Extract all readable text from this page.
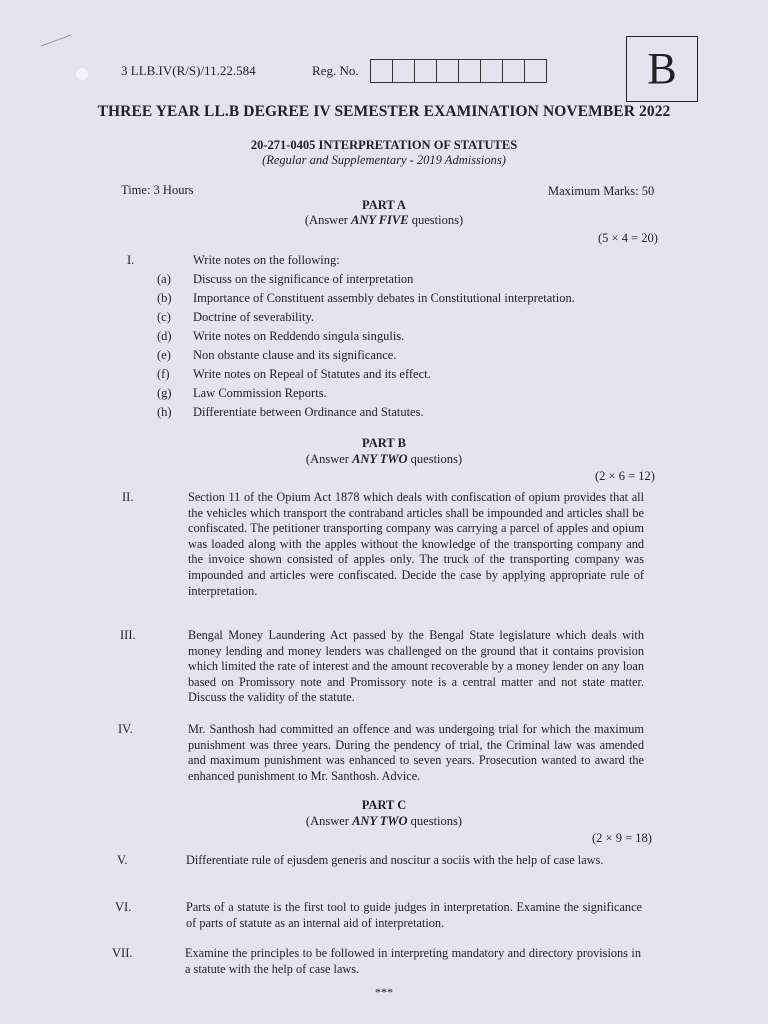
3 LLB.IV(R/S)/11.22.584	Reg. No.	B
THREE YEAR LL.B DEGREE IV SEMESTER EXAMINATION NOVEMBER 2022
20-271-0405 INTERPRETATION OF STATUTES
(Regular and Supplementary - 2019 Admissions)
Time: 3 Hours	Maximum Marks: 50
PART A
(Answer ANY FIVE questions)
(5 × 4 = 20)
I.	Write notes on the following:
(a) Discuss on the significance of interpretation
(b) Importance of Constituent assembly debates in Constitutional interpretation.
(c) Doctrine of severability.
(d) Write notes on Reddendo singula singulis.
(e) Non obstante clause and its significance.
(f) Write notes on Repeal of Statutes and its effect.
(g) Law Commission Reports.
(h) Differentiate between Ordinance and Statutes.
PART B
(Answer ANY TWO questions)
(2 × 6 = 12)
II.	Section 11 of the Opium Act 1878 which deals with confiscation of opium provides that all the vehicles which transport the contraband articles shall be impounded and articles shall be confiscated. The petitioner transporting company was carrying a parcel of apples and opium was loaded along with the apples without the knowledge of the transporting company and the invoice shown consisted of apples only. The truck of the transporting company was impounded and articles were confiscated. Decide the case by applying appropriate rule of interpretation.
III.	Bengal Money Laundering Act passed by the Bengal State legislature which deals with money lending and money lenders was challenged on the ground that it contains provision which limited the rate of interest and the amount recoverable by a money lender on any loan based on Promissory note and Promissory note is a central matter and not state matter. Discuss the validity of the statute.
IV.	Mr. Santhosh had committed an offence and was undergoing trial for which the maximum punishment was three years. During the pendency of trial, the Criminal law was amended and maximum punishment was enhanced to seven years. Prosecution wanted to award the enhanced punishment to Mr. Santhosh. Advice.
PART C
(Answer ANY TWO questions)
(2 × 9 = 18)
V.	Differentiate rule of ejusdem generis and noscitur a sociis with the help of case laws.
VI.	Parts of a statute is the first tool to guide judges in interpretation. Examine the significance of parts of statute as an internal aid of interpretation.
VII.	Examine the principles to be followed in interpreting mandatory and directory provisions in a statute with the help of case laws.
***
